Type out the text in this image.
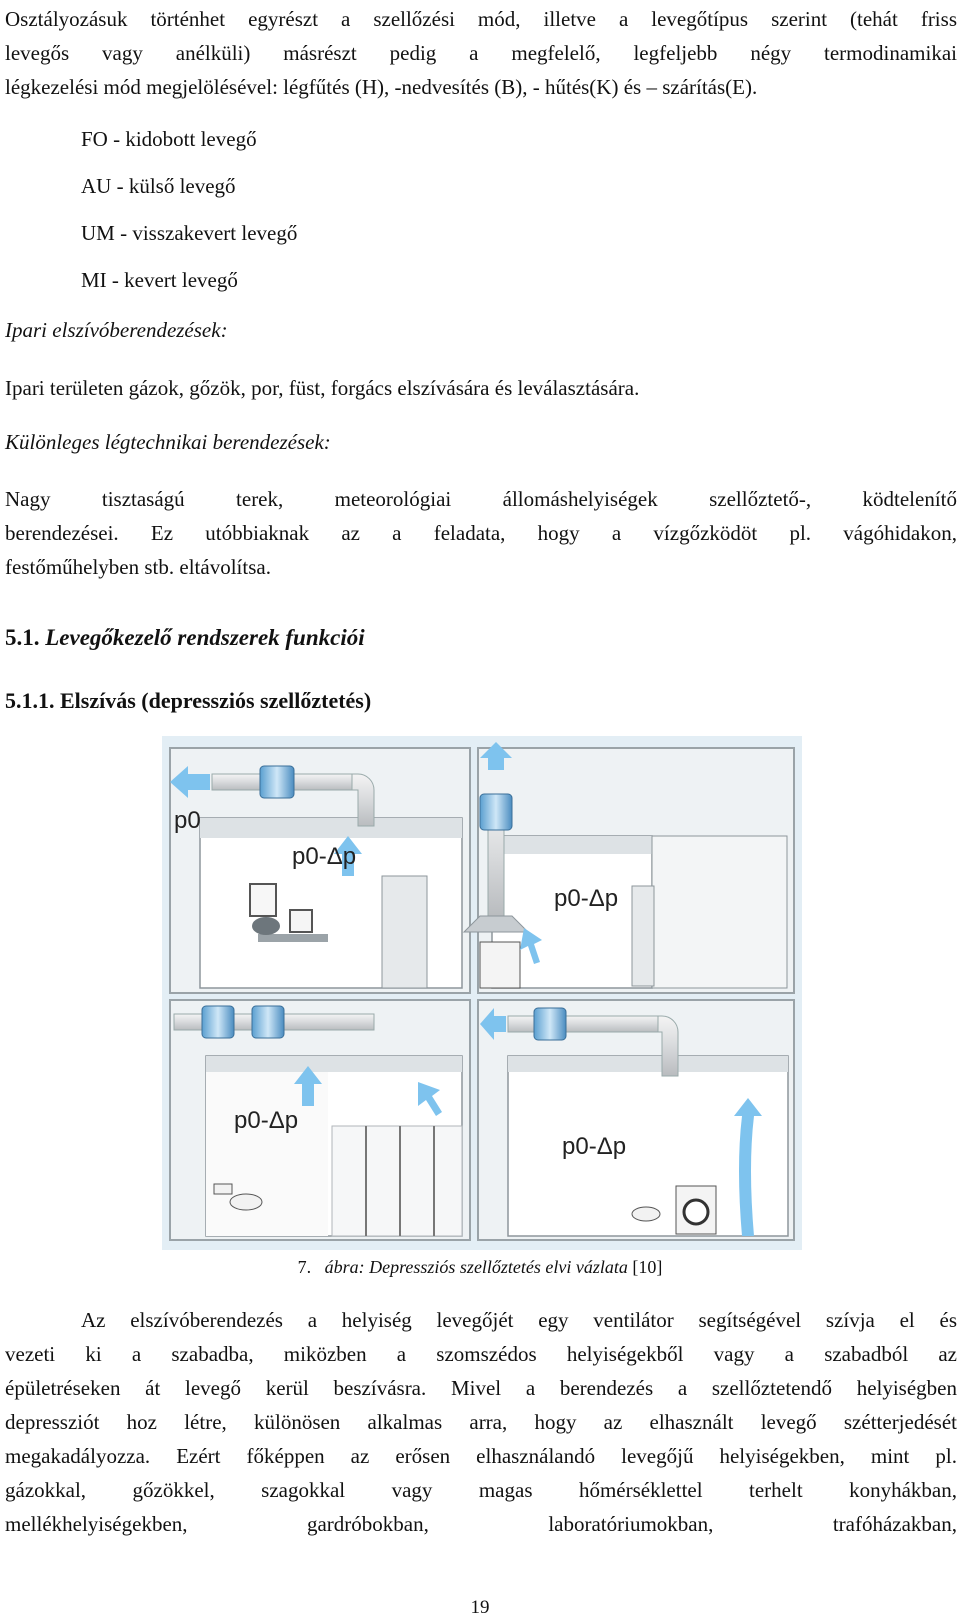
Osztályozásuk történhet egyrészt a szellőzési mód, illetve a levegőtípus szerint (tehát friss
levegős vagy anélküli) másrészt pedig a megfelelő, legfeljebb négy termodinamikai
légkezelési mód megjelölésével: légfűtés (H), -nedvesítés (B), - hűtés(K) és – szárítás(E).
FO - kidobott levegő
AU - külső levegő
UM - visszakevert levegő
MI - kevert levegő
Ipari elszívóberendezések:
Ipari területen gázok, gőzök, por, füst, forgács elszívására és leválasztására.
Különleges légtechnikai berendezések:
Nagy tisztaságú terek, meteorológiai állomáshelyiségek szellőztető-, ködtelenítő
berendezései. Ez utóbbiaknak az a feladata, hogy a vízgőzködöt pl. vágóhidakon,
festőműhelyben stb. eltávolítsa.
5.1. Levegőkezelő rendszerek funkciói
5.1.1. Elszívás (depressziós szellőztetés)
p0
p0-Δp
p0-Δp
p0-Δp
p0-Δp
7. ábra: Depressziós szellőztetés elvi vázlata [10]
Az elszívóberendezés a helyiség levegőjét egy ventilátor segítségével szívja el és
vezeti ki a szabadba, miközben a szomszédos helyiségekből vagy a szabadból az
épületréseken át levegő kerül beszívásra. Mivel a berendezés a szellőztetendő helyiségben
depressziót hoz létre, különösen alkalmas arra, hogy az elhasznált levegő szétterjedését
megakadályozza. Ezért főképpen az erősen elhasználandó levegőjű helyiségekben, mint pl.
gázokkal, gőzökkel, szagokkal vagy magas hőmérséklettel terhelt konyhákban,
mellékhelyiségekben, gardróbokban, laboratóriumokban, trafóházakban,
19
